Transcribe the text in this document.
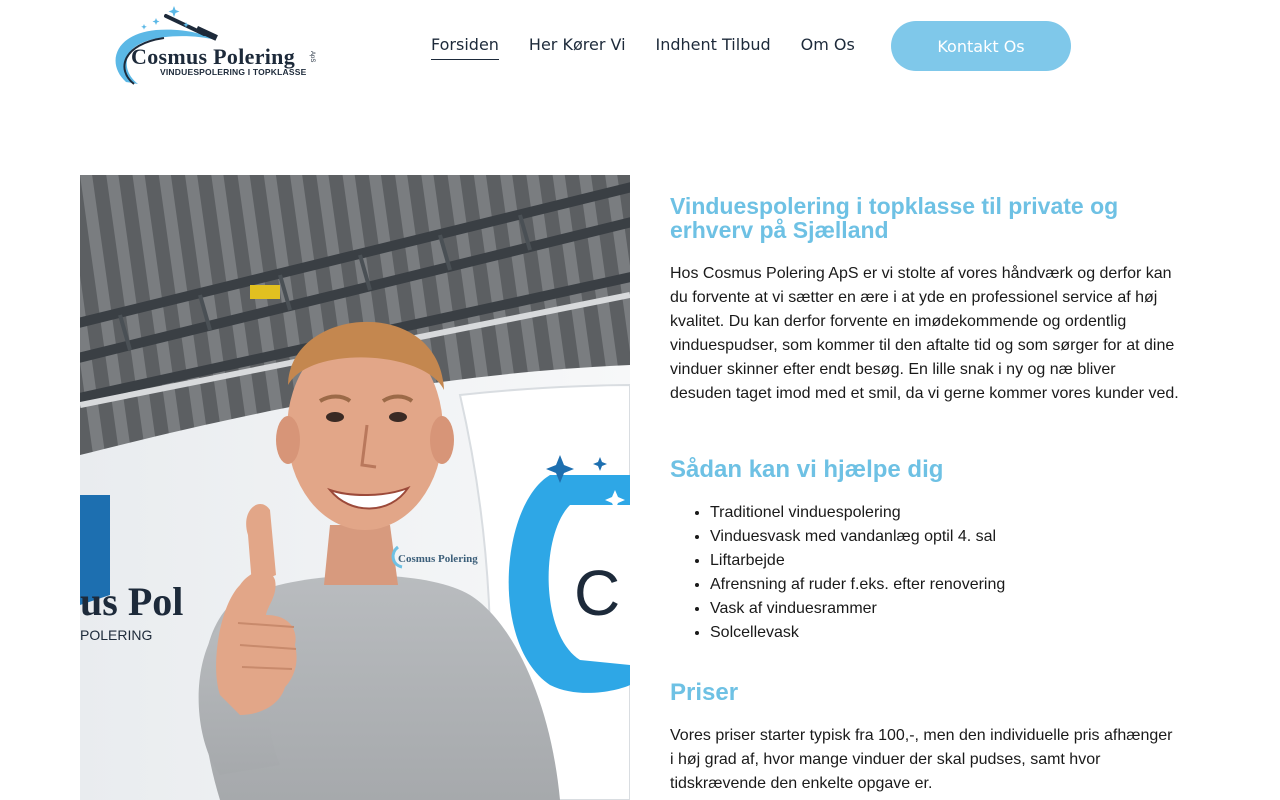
Cosmus Polering ApS
VINDUESPOLERING I TOPKLASSE
Forsiden Her Kører Vi Indhent Tilbud Om Os	Kontakt Os
C
us Pol
POLERING
Cosmus Polering
Vinduespolering i topklasse til private og erhverv på Sjælland

Hos Cosmus Polering ApS er vi stolte af vores håndværk og derfor kan du forvente at vi sætter en ære i at yde en professionel service af høj kvalitet. Du kan derfor forvente en imødekommende og ordentlig vinduespudser, som kommer til den aftalte tid og som sørger for at dine vinduer skinner efter endt besøg. En lille snak i ny og næ bliver desuden taget imod med et smil, da vi gerne kommer vores kunder ved.

Sådan kan vi hjælpe dig
• Traditionel vinduespolering
• Vinduesvask med vandanlæg optil 4. sal
• Liftarbejde
• Afrensning af ruder f.eks. efter renovering
• Vask af vinduesrammer
• Solcellevask
Priser

Vores priser starter typisk fra 100,-, men den individuelle pris afhænger i høj grad af, hvor mange vinduer der skal pudses, samt hvor tidskrævende den enkelte opgave er.
